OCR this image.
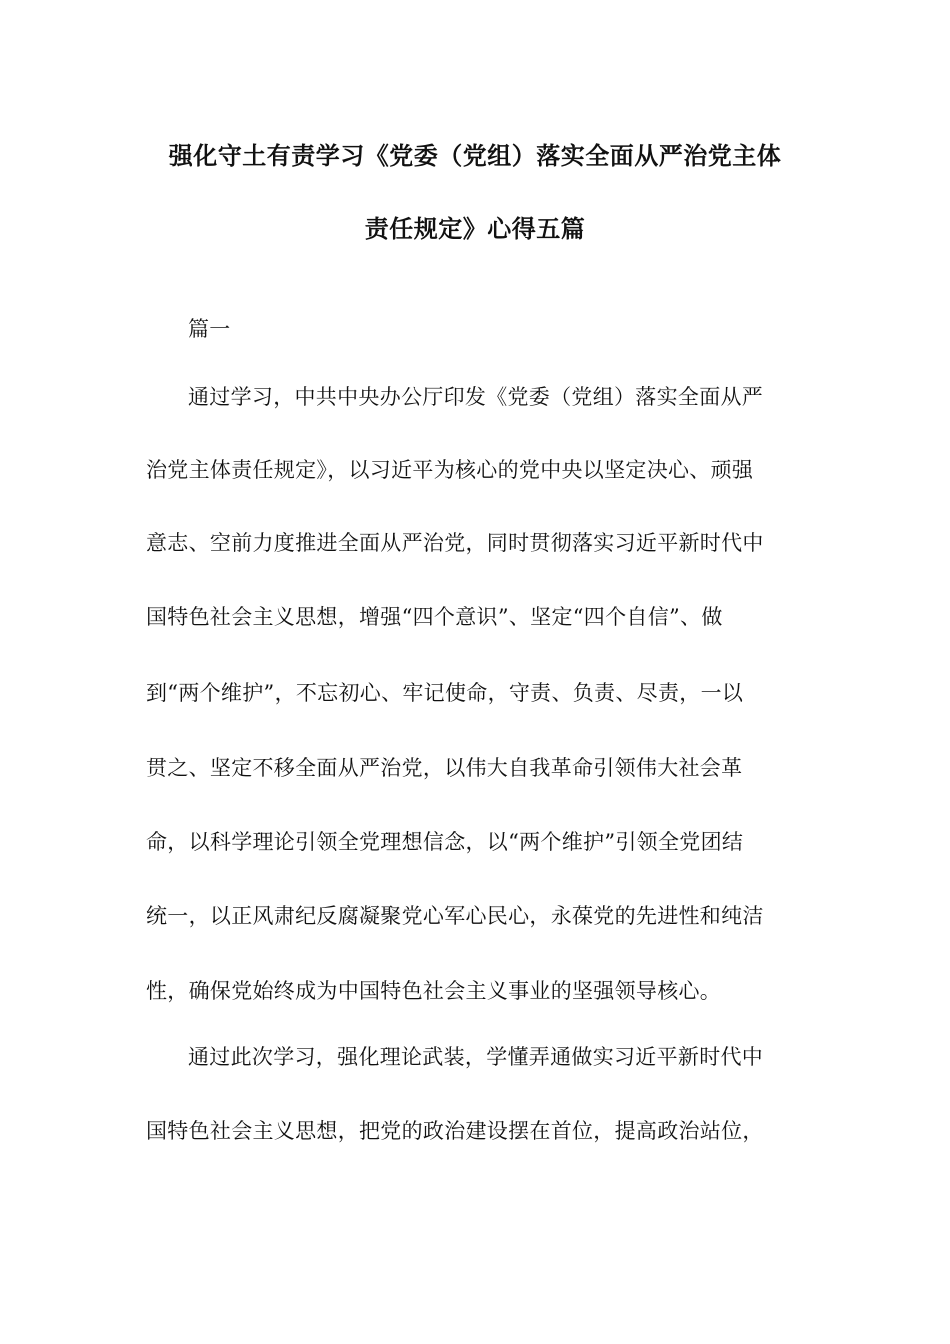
强化守土有责学习《党委（党组）落实全面从严治党主体
责任规定》心得五篇
篇一
通过学习，中共中央办公厅印发《党委（党组）落实全面从严
治党主体责任规定》，以习近平为核心的党中央以坚定决心、顽强
意志、空前力度推进全面从严治党，同时贯彻落实习近平新时代中
国特色社会主义思想，增强“四个意识”、坚定“四个自信”、做
到“两个维护”，不忘初心、牢记使命，守责、负责、尽责，一以
贯之、坚定不移全面从严治党，以伟大自我革命引领伟大社会革
命，以科学理论引领全党理想信念，以“两个维护”引领全党团结
统一，以正风肃纪反腐凝聚党心军心民心，永葆党的先进性和纯洁
性，确保党始终成为中国特色社会主义事业的坚强领导核心。
通过此次学习，强化理论武装，学懂弄通做实习近平新时代中
国特色社会主义思想，把党的政治建设摆在首位，提高政治站位，
